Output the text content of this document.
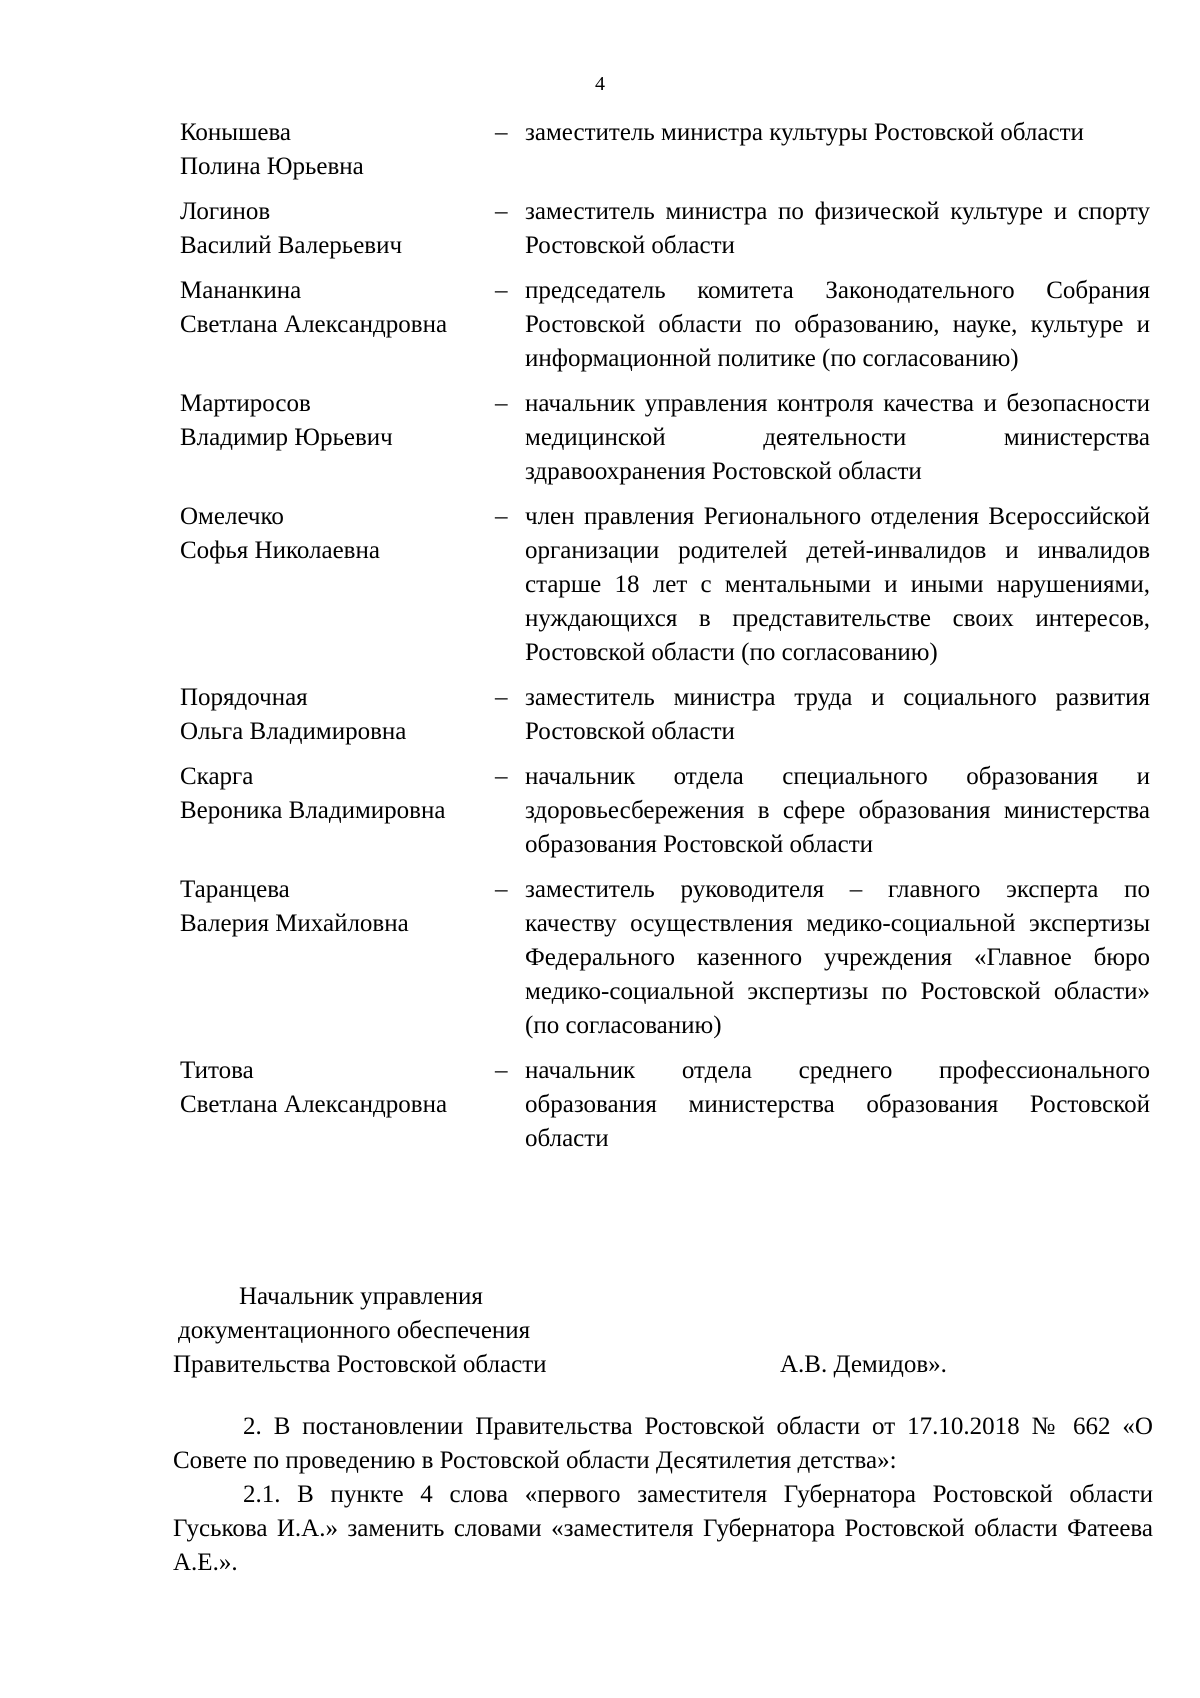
4
Конышева
Полина Юрьевна
– заместитель министра культуры Ростовской области
Логинов
Василий Валерьевич
– заместитель министра по физической культуре и спорту Ростовской области
Мананкина
Светлана Александровна
– председатель комитета Законодательного Собрания Ростовской области по образованию, науке, культуре и информационной политике (по согласованию)
Мартиросов
Владимир Юрьевич
– начальник управления контроля качества и безопасности медицинской деятельности министерства здравоохранения Ростовской области
Омелечко
Софья Николаевна
– член правления Регионального отделения Всероссийской организации родителей детей-инвалидов и инвалидов старше 18 лет с ментальными и иными нарушениями, нуждающихся в представительстве своих интересов, Ростовской области (по согласованию)
Порядочная
Ольга Владимировна
– заместитель министра труда и социального развития Ростовской области
Скарга
Вероника Владимировна
– начальник отдела специального образования и здоровьесбережения в сфере образования министерства образования Ростовской области
Таранцева
Валерия Михайловна
– заместитель руководителя – главного эксперта по качеству осуществления медико-социальной экспертизы Федерального казенного учреждения «Главное бюро медико-социальной экспертизы по Ростовской области» (по согласованию)
Титова
Светлана Александровна
– начальник отдела среднего профессионального образования министерства образования Ростовской области
Начальник управления
документационного обеспечения
Правительства Ростовской области	А.В. Демидов».

2. В постановлении Правительства Ростовской области от 17.10.2018 № 662 «О Совете по проведению в Ростовской области Десятилетия детства»:

2.1. В пункте 4 слова «первого заместителя Губернатора Ростовской области Гуськова И.А.» заменить словами «заместителя Губернатора Ростовской области Фатеева А.Е.».
